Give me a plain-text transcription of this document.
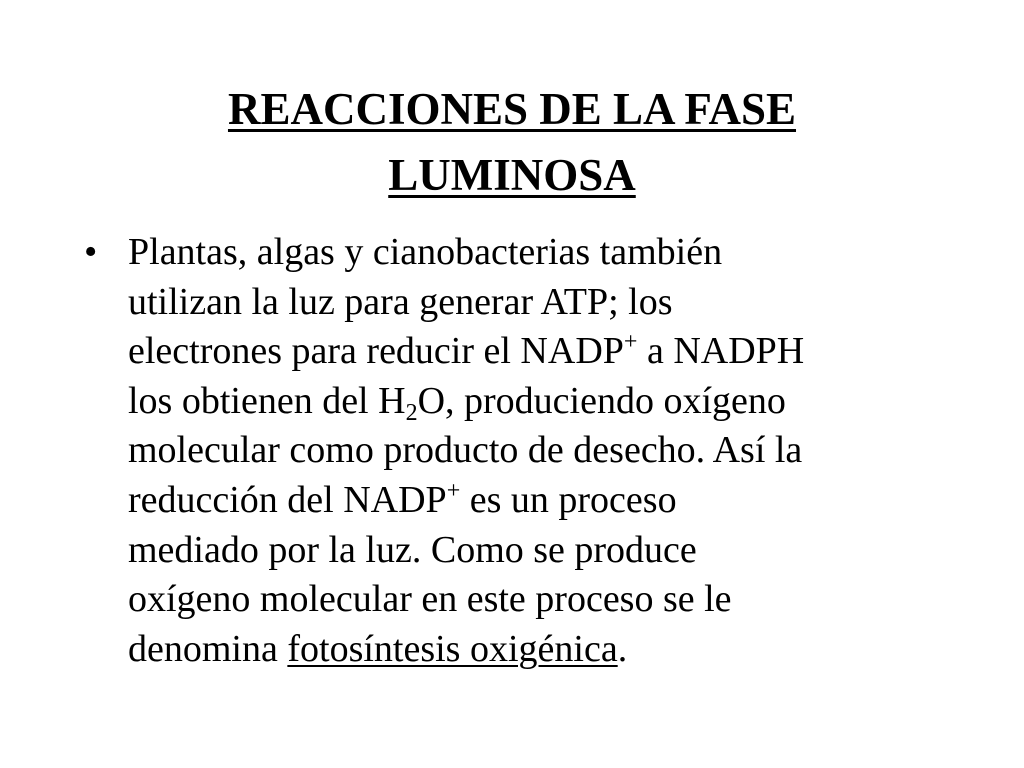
REACCIONES DE LA FASE
LUMINOSA
• Plantas, algas y cianobacterias también
utilizan la luz para generar ATP; los
electrones para reducir el NADP+ a NADPH
los obtienen del $H_2O$, produciendo oxígeno
molecular como producto de desecho. Así la
reducción del NADP+ es un proceso
mediado por la luz. Como se produce
oxígeno molecular en este proceso se le
denomina fotosíntesis oxigénica.
